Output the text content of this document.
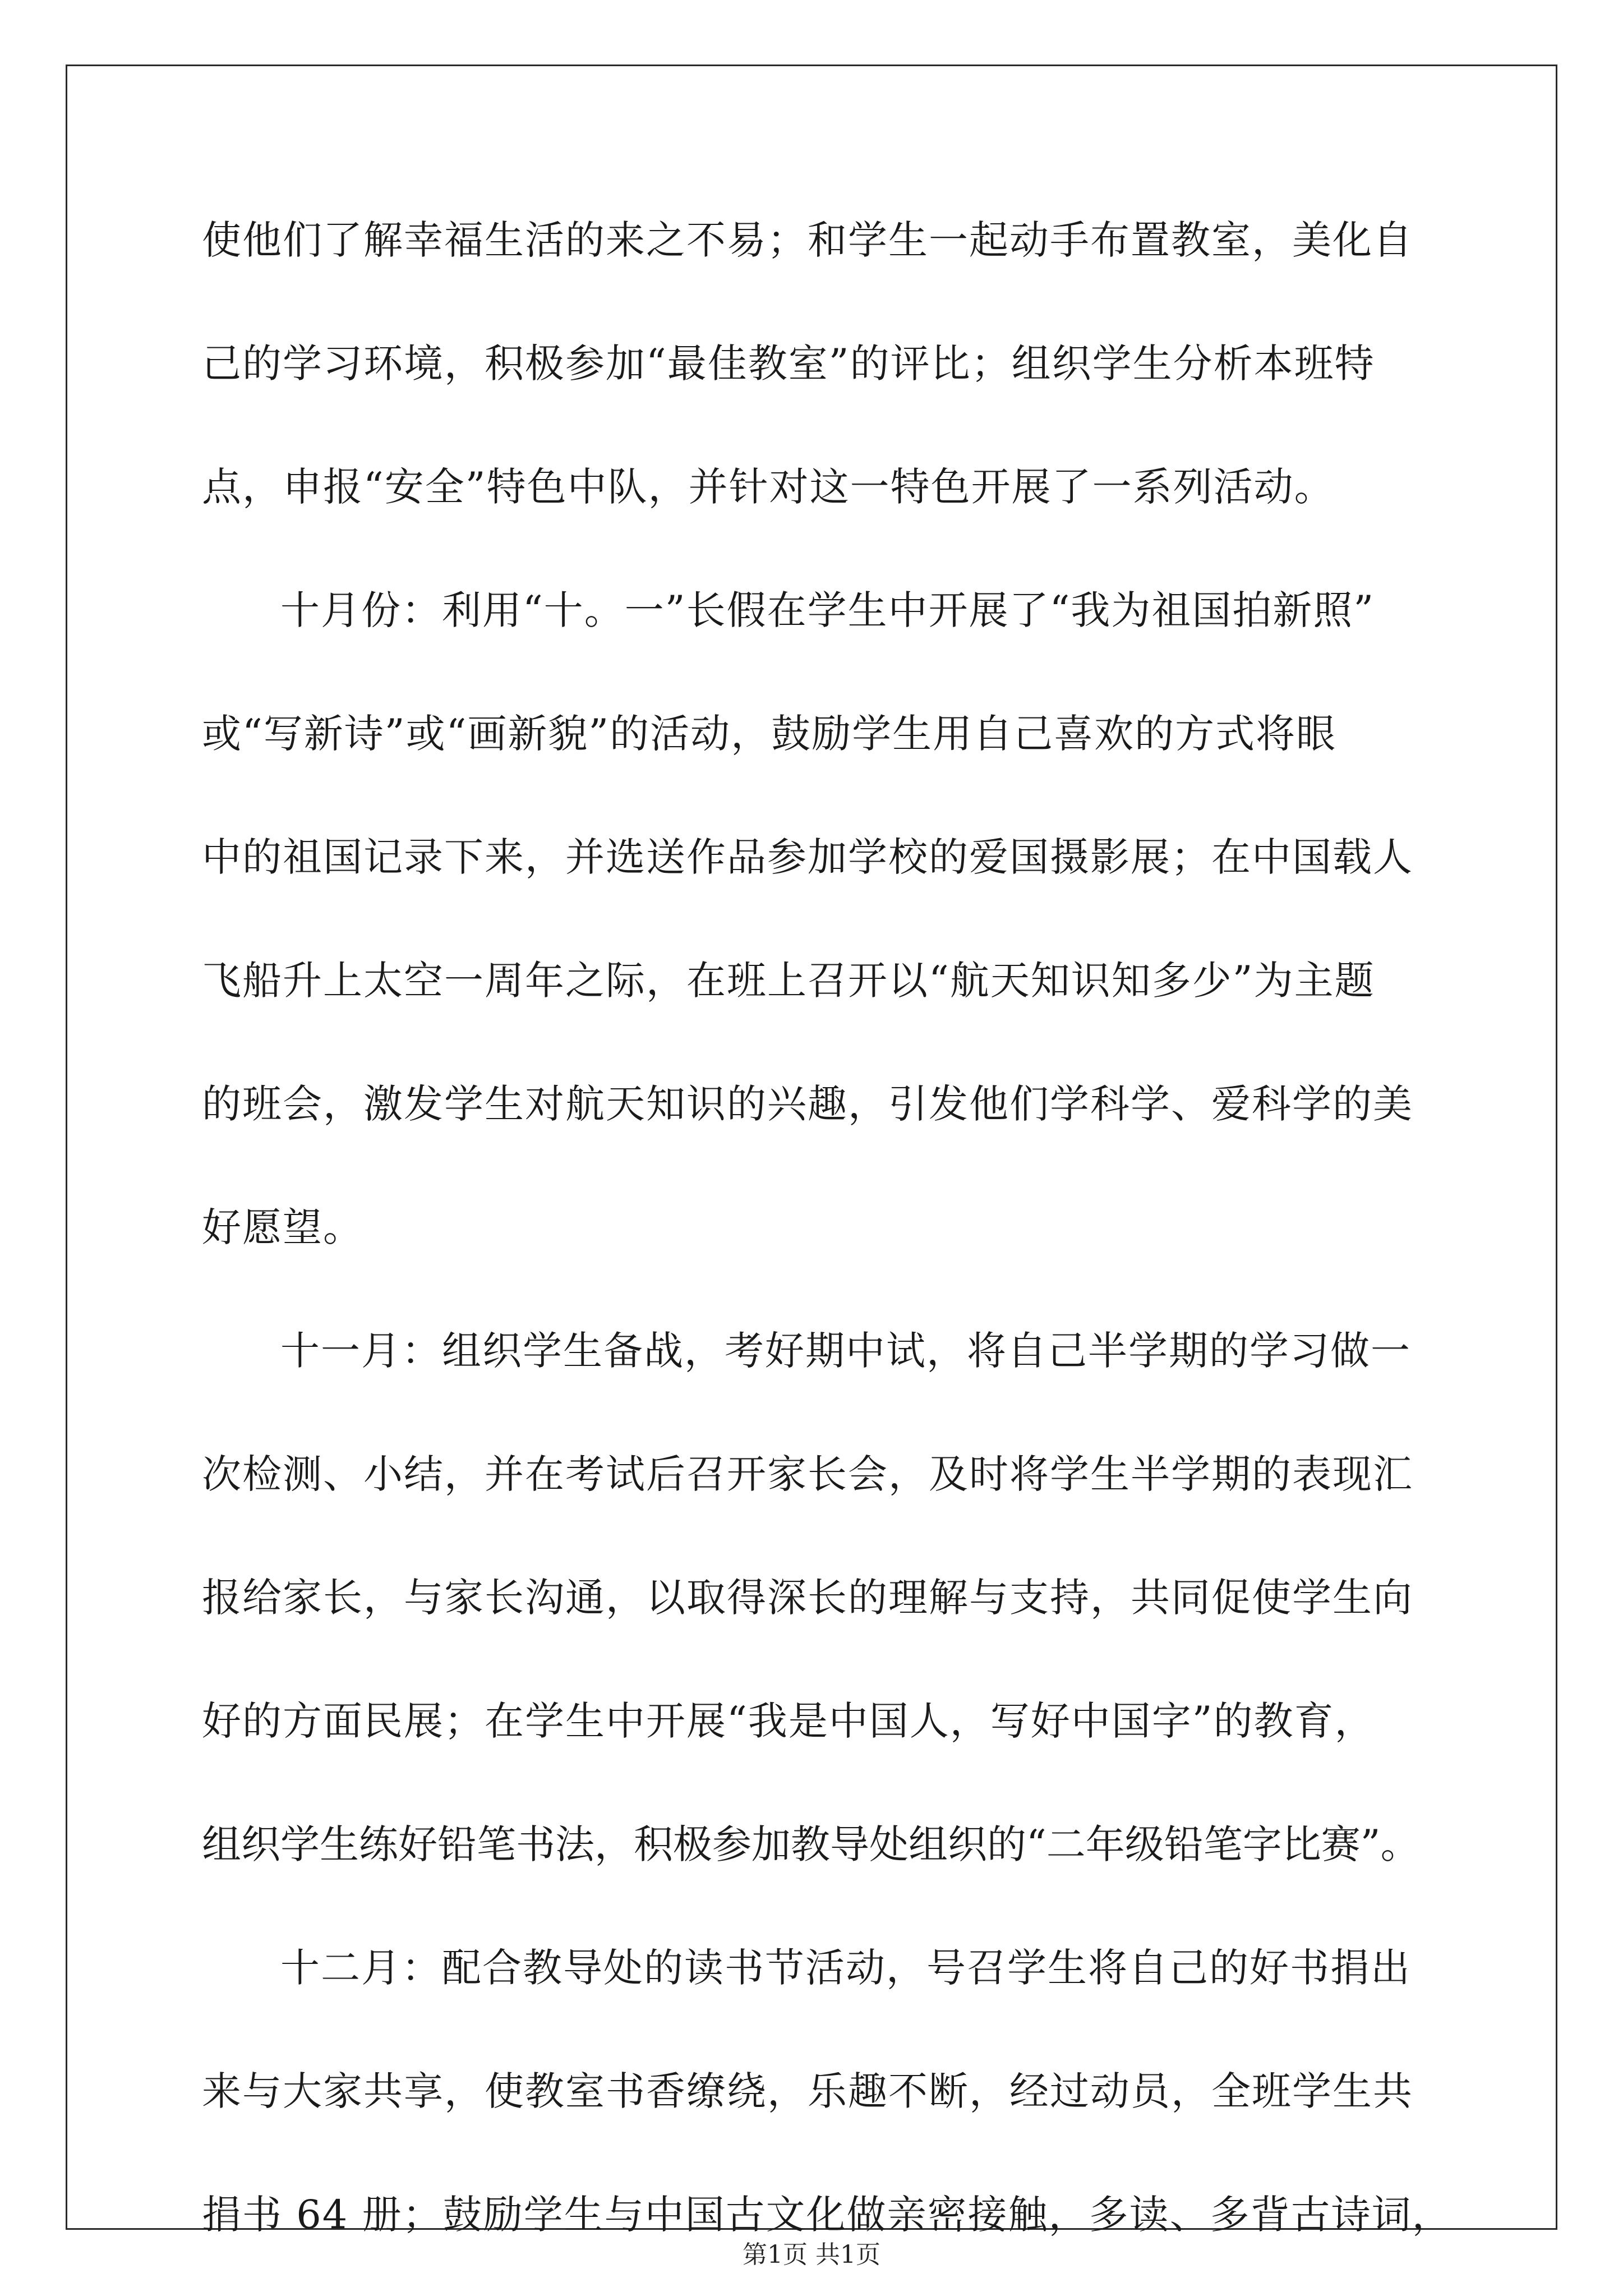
使他们了解幸福生活的来之不易；和学生一起动手布置教室，美化自
己的学习环境，积极参加“最佳教室”的评比；组织学生分析本班特
点，申报“安全”特色中队，并针对这一特色开展了一系列活动。
十月份：利用“十。一”长假在学生中开展了“我为祖国拍新照”
或“写新诗”或“画新貌”的活动，鼓励学生用自己喜欢的方式将眼
中的祖国记录下来，并选送作品参加学校的爱国摄影展；在中国载人
飞船升上太空一周年之际，在班上召开以“航天知识知多少”为主题
的班会，激发学生对航天知识的兴趣，引发他们学科学、爱科学的美
好愿望。
十一月：组织学生备战，考好期中试，将自己半学期的学习做一
次检测、小结，并在考试后召开家长会，及时将学生半学期的表现汇
报给家长，与家长沟通，以取得深长的理解与支持，共同促使学生向
好的方面民展；在学生中开展“我是中国人，写好中国字”的教育，
组织学生练好铅笔书法，积极参加教导处组织的“二年级铅笔字比赛”。
十二月：配合教导处的读书节活动，号召学生将自己的好书捐出
来与大家共享，使教室书香缭绕，乐趣不断，经过动员，全班学生共
捐书 64 册；鼓励学生与中国古文化做亲密接触，多读、多背古诗词，
第1页 共1页
